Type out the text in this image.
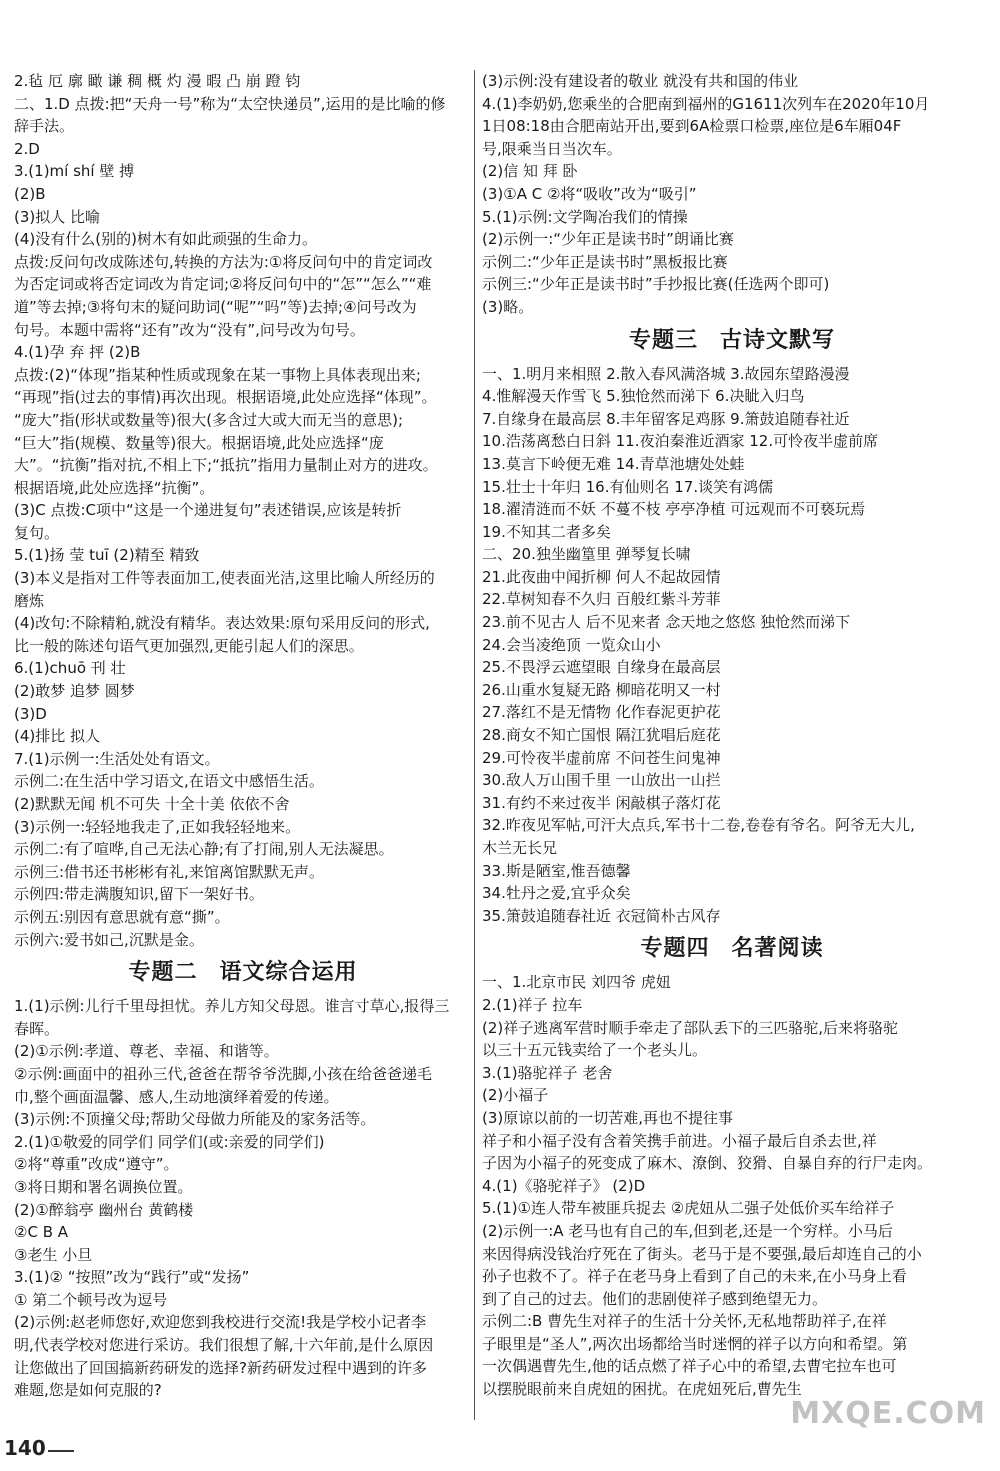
2.毡 厄 廓 瞰 谦 稠 概 灼 漫 暇 凸 崩 蹬 钧
二、1.D 点拨:把“天舟一号”称为“太空快递员”,运用的是比喻的修
辞手法。
2.D
3.(1)mí shí 壁 搏
(2)B
(3)拟人 比喻
(4)没有什么(别的)树木有如此顽强的生命力。
点拨:反问句改成陈述句,转换的方法为:①将反问句中的肯定词改
为否定词或将否定词改为肯定词;②将反问句中的“怎”“怎么”“难
道”等去掉;③将句末的疑问助词(“呢”“吗”等)去掉;④问号改为
句号。本题中需将“还有”改为“没有”,问号改为句号。
4.(1)孕 弃 抨 (2)B
点拨:(2)“体现”指某种性质或现象在某一事物上具体表现出来;
“再现”指(过去的事情)再次出现。根据语境,此处应选择“体现”。
“庞大”指(形状或数量等)很大(多含过大或大而无当的意思);
“巨大”指(规模、数量等)很大。根据语境,此处应选择“庞
大”。“抗衡”指对抗,不相上下;“抵抗”指用力量制止对方的进攻。
根据语境,此处应选择“抗衡”。
(3)C 点拨:C项中“这是一个递进复句”表述错误,应该是转折
复句。
5.(1)扬 莹 tuī (2)精至 精致
(3)本义是指对工件等表面加工,使表面光洁,这里比喻人所经历的
磨炼
(4)改句:不除精粕,就没有精华。表达效果:原句采用反问的形式,
比一般的陈述句语气更加强烈,更能引起人们的深思。
6.(1)chuō 刊 壮
(2)敢梦 追梦 圆梦
(3)D
(4)排比 拟人
7.(1)示例一:生活处处有语文。
示例二:在生活中学习语文,在语文中感悟生活。
(2)默默无闻 机不可失 十全十美 依依不舍
(3)示例一:轻轻地我走了,正如我轻轻地来。
示例二:有了喧哗,自己无法心静;有了打闹,别人无法凝思。
示例三:借书还书彬彬有礼,来馆离馆默默无声。
示例四:带走满腹知识,留下一架好书。
示例五:别因有意思就有意“撕”。
示例六:爱书如己,沉默是金。
专题二 语文综合运用
1.(1)示例:儿行千里母担忧。养儿方知父母恩。谁言寸草心,报得三
春晖。
(2)①示例:孝道、尊老、幸福、和谐等。
②示例:画面中的祖孙三代,爸爸在帮爷爷洗脚,小孩在给爸爸递毛
巾,整个画面温馨、感人,生动地演绎着爱的传递。
(3)示例:不顶撞父母;帮助父母做力所能及的家务活等。
2.(1)①敬爱的同学们 同学们(或:亲爱的同学们)
②将“尊重”改成“遵守”。
③将日期和署名调换位置。
(2)①醉翁亭 幽州台 黄鹤楼
②C B A
③老生 小旦
3.(1)② “按照”改为“践行”或“发扬”
① 第二个顿号改为逗号
(2)示例:赵老师您好,欢迎您到我校进行交流!我是学校小记者李
明,代表学校对您进行采访。我们很想了解,十六年前,是什么原因
让您做出了回国搞新药研发的选择?新药研发过程中遇到的许多
难题,您是如何克服的?
(3)示例:没有建设者的敬业 就没有共和国的伟业
4.(1)李奶奶,您乘坐的合肥南到福州的G1611次列车在2020年10月
1日08:18由合肥南站开出,要到6A检票口检票,座位是6车厢04F
号,限乘当日当次车。
(2)信 知 拜 卧
(3)①A C ②将“吸收”改为“吸引”
5.(1)示例:文学陶冶我们的情操
(2)示例一:“少年正是读书时”朗诵比赛
示例二:“少年正是读书时”黑板报比赛
示例三:“少年正是读书时”手抄报比赛(任选两个即可)
(3)略。
专题三 古诗文默写
一、1.明月来相照 2.散入春风满洛城 3.故园东望路漫漫
4.惟解漫天作雪飞 5.独怆然而涕下 6.决眦入归鸟
7.自缘身在最高层 8.丰年留客足鸡豚 9.箫鼓追随春社近
10.浩荡离愁白日斜 11.夜泊秦淮近酒家 12.可怜夜半虚前席
13.莫言下岭便无难 14.青草池塘处处蛙
15.壮士十年归 16.有仙则名 17.谈笑有鸿儒
18.濯清涟而不妖 不蔓不枝 亭亭净植 可远观而不可亵玩焉
19.不知其二者多矣
二、20.独坐幽篁里 弹琴复长啸
21.此夜曲中闻折柳 何人不起故园情
22.草树知春不久归 百般红紫斗芳菲
23.前不见古人 后不见来者 念天地之悠悠 独怆然而涕下
24.会当凌绝顶 一览众山小
25.不畏浮云遮望眼 自缘身在最高层
26.山重水复疑无路 柳暗花明又一村
27.落红不是无情物 化作春泥更护花
28.商女不知亡国恨 隔江犹唱后庭花
29.可怜夜半虚前席 不问苍生问鬼神
30.敌人万山围千里 一山放出一山拦
31.有约不来过夜半 闲敲棋子落灯花
32.昨夜见军帖,可汗大点兵,军书十二卷,卷卷有爷名。阿爷无大儿,
木兰无长兄
33.斯是陋室,惟吾德馨
34.牡丹之爱,宜乎众矣
35.箫鼓追随春社近 衣冠简朴古风存
专题四 名著阅读
一、1.北京市民 刘四爷 虎妞
2.(1)祥子 拉车
(2)祥子逃离军营时顺手牵走了部队丢下的三匹骆驼,后来将骆驼
以三十五元钱卖给了一个老头儿。
3.(1)骆驼祥子 老舍
(2)小福子
(3)原谅以前的一切苦难,再也不提往事
祥子和小福子没有含着笑携手前进。小福子最后自杀去世,祥
子因为小福子的死变成了麻木、潦倒、狡猾、自暴自弃的行尸走肉。
4.(1)《骆驼祥子》 (2)D
5.(1)①连人带车被匪兵捉去 ②虎妞从二强子处低价买车给祥子
(2)示例一:A 老马也有自己的车,但到老,还是一个穷样。小马后
来因得病没钱治疗死在了街头。老马于是不要强,最后却连自己的小
孙子也救不了。祥子在老马身上看到了自己的未来,在小马身上看
到了自己的过去。他们的悲剧使祥子感到绝望无力。
示例二:B 曹先生对祥子的生活十分关怀,无私地帮助祥子,在祥
子眼里是“圣人”,两次出场都给当时迷惘的祥子以方向和希望。第
一次偶遇曹先生,他的话点燃了祥子心中的希望,去曹宅拉车也可
以摆脱眼前来自虎妞的困扰。在虎妞死后,曹先生
140
MXQE.COM
